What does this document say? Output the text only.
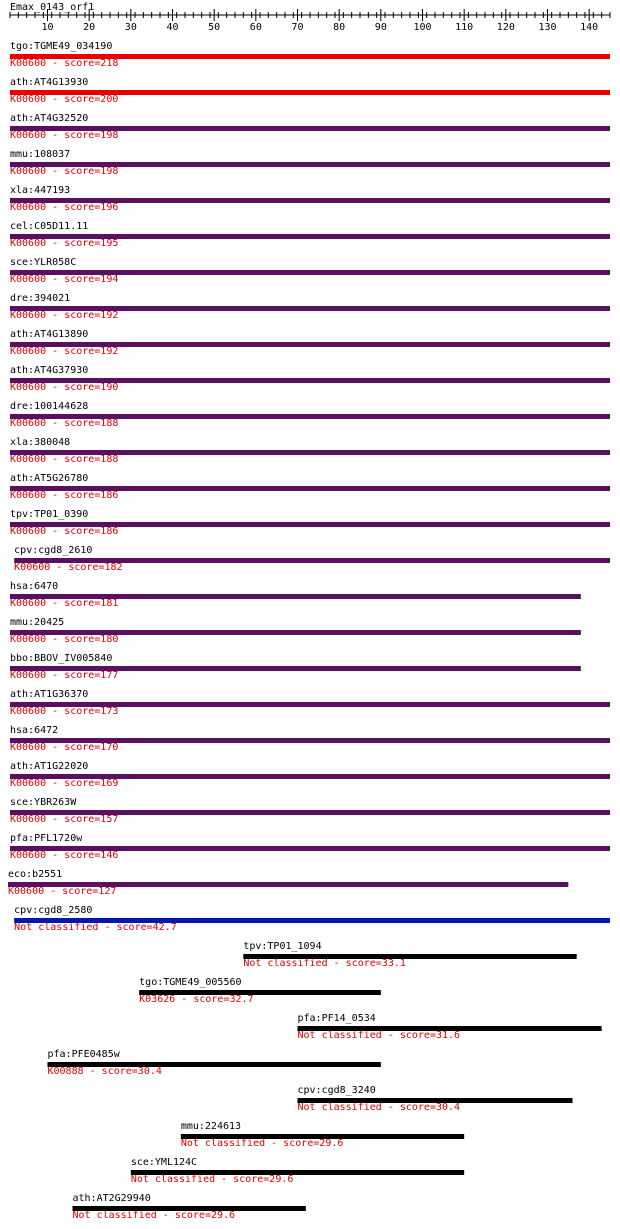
Emax_0143_orf1
10	20	30	40	50	60	70	80	90	100 110 120 130 140
tgo:TGME49_034190
K00600 - score=218
ath:AT4G13930
K00600 - score=200
ath:AT4G32520
K00600 - score=198
mmu:108037
K00600 - score=198
xla:447193
K00600 - score=196
cel:C05D11.11
K00600 - score=195
sce:YLR058C
K00600 - score=194
dre:394021
K00600 - score=192
ath:AT4G13890
K00600 - score=192
ath:AT4G37930
K00600 - score=190
dre:100144628
K00600 - score=188
xla:380048
K00600 - score=188
ath:AT5G26780
K00600 - score=186
tpv:TP01_0390
K00600 - score=186
cpv:cgd8_2610
K00600 - score=182
hsa:6470
K00600 - score=181
mmu:20425
K00600 - score=180
bbo:BBOV_IV005840
K00600 - score=177
ath:AT1G36370
K00600 - score=173
hsa:6472
K00600 - score=170
ath:AT1G22020
K00600 - score=169
sce:YBR263W
K00600 - score=157
pfa:PFL1720w
K00600 - score=146
eco:b2551
K00600 - score=127
cpv:cgd8_2580
Not classified - score=42.7
tpv:TP01_1094
Not classified - score=33.1
tgo:TGME49_005560
K03626 - score=32.7
pfa:PF14_0534
Not classified - score=31.6
pfa:PFE0485w
K00888 - score=30.4
cpv:cgd8_3240
Not classified - score=30.4
mmu:224613
Not classified - score=29.6
sce:YML124C
Not classified - score=29.6
ath:AT2G29940
Not classified - score=29.6
